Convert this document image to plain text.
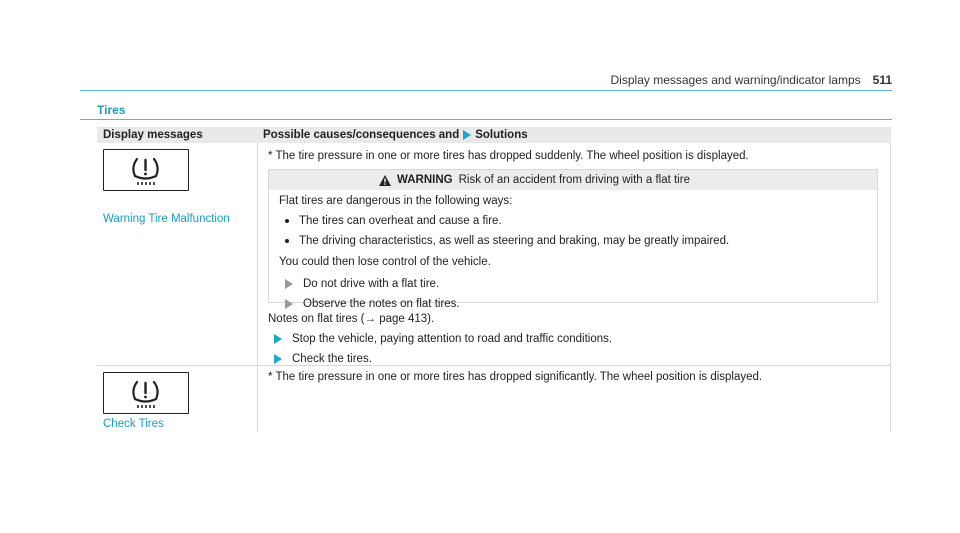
Display messages and warning/indicator lamps 511
Tires
Display messages	Possible causes/consequences and Solutions
Warning Tire Malfunction
* The tire pressure in one or more tires has dropped suddenly. The wheel position is displayed.
WARNING Risk of an accident from driving with a flat tire
Flat tires are dangerous in the following ways:
The tires can overheat and cause a fire.
The driving characteristics, as well as steering and braking, may be greatly impaired.
You could then lose control of the vehicle.
Do not drive with a flat tire.
Observe the notes on flat tires.
Notes on flat tires (→ page 413).
Stop the vehicle, paying attention to road and traffic conditions.
Check the tires.
Check Tires
* The tire pressure in one or more tires has dropped significantly. The wheel position is displayed.
